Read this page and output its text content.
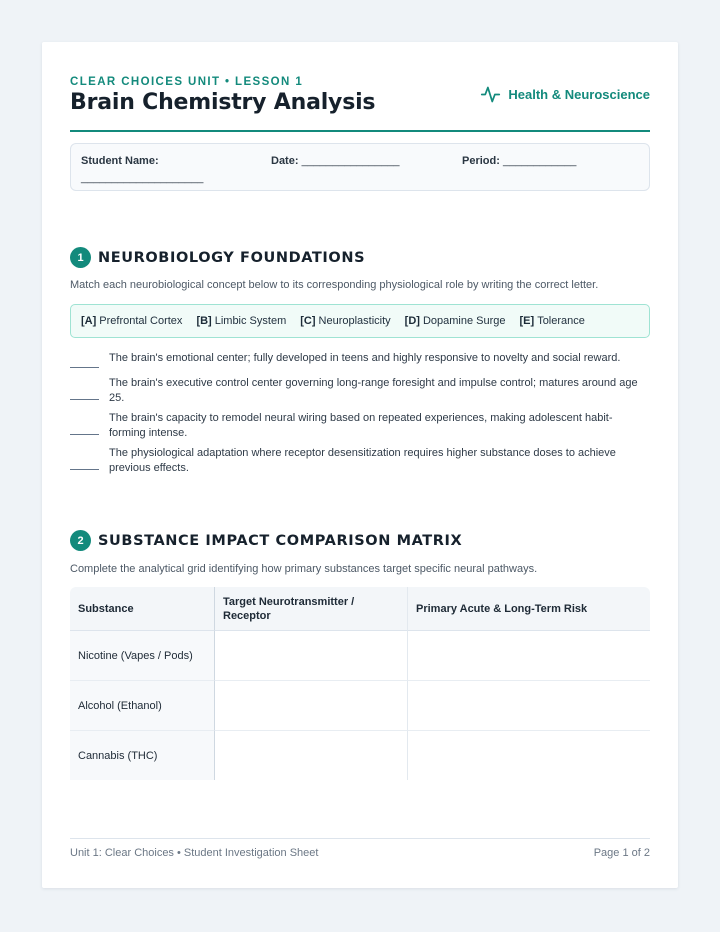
CLEAR CHOICES UNIT • LESSON 1
Brain Chemistry Analysis	Health & Neuroscience
Student Name:
____________________
Date: ________________	Period: ____________
1 NEUROBIOLOGY FOUNDATIONS
Match each neurobiological concept below to its corresponding physiological role by writing the correct letter.
[A] Prefrontal Cortex [B] Limbic System [C] Neuroplasticity [D] Dopamine Surge [E] Tolerance
The brain's emotional center; fully developed in teens and highly responsive to novelty and social reward.
The brain's executive control center governing long-range foresight and impulse control; matures around age 25.
The brain's capacity to remodel neural wiring based on repeated experiences, making adolescent habit-forming intense.
The physiological adaptation where receptor desensitization requires higher substance doses to achieve previous effects.
2 SUBSTANCE IMPACT COMPARISON MATRIX
Complete the analytical grid identifying how primary substances target specific neural pathways.
Substance	Target Neurotransmitter / Receptor	Primary Acute & Long-Term Risk
Nicotine (Vapes / Pods)		
Alcohol (Ethanol)		
Cannabis (THC)		
Unit 1: Clear Choices • Student Investigation Sheet	Page 1 of 2
